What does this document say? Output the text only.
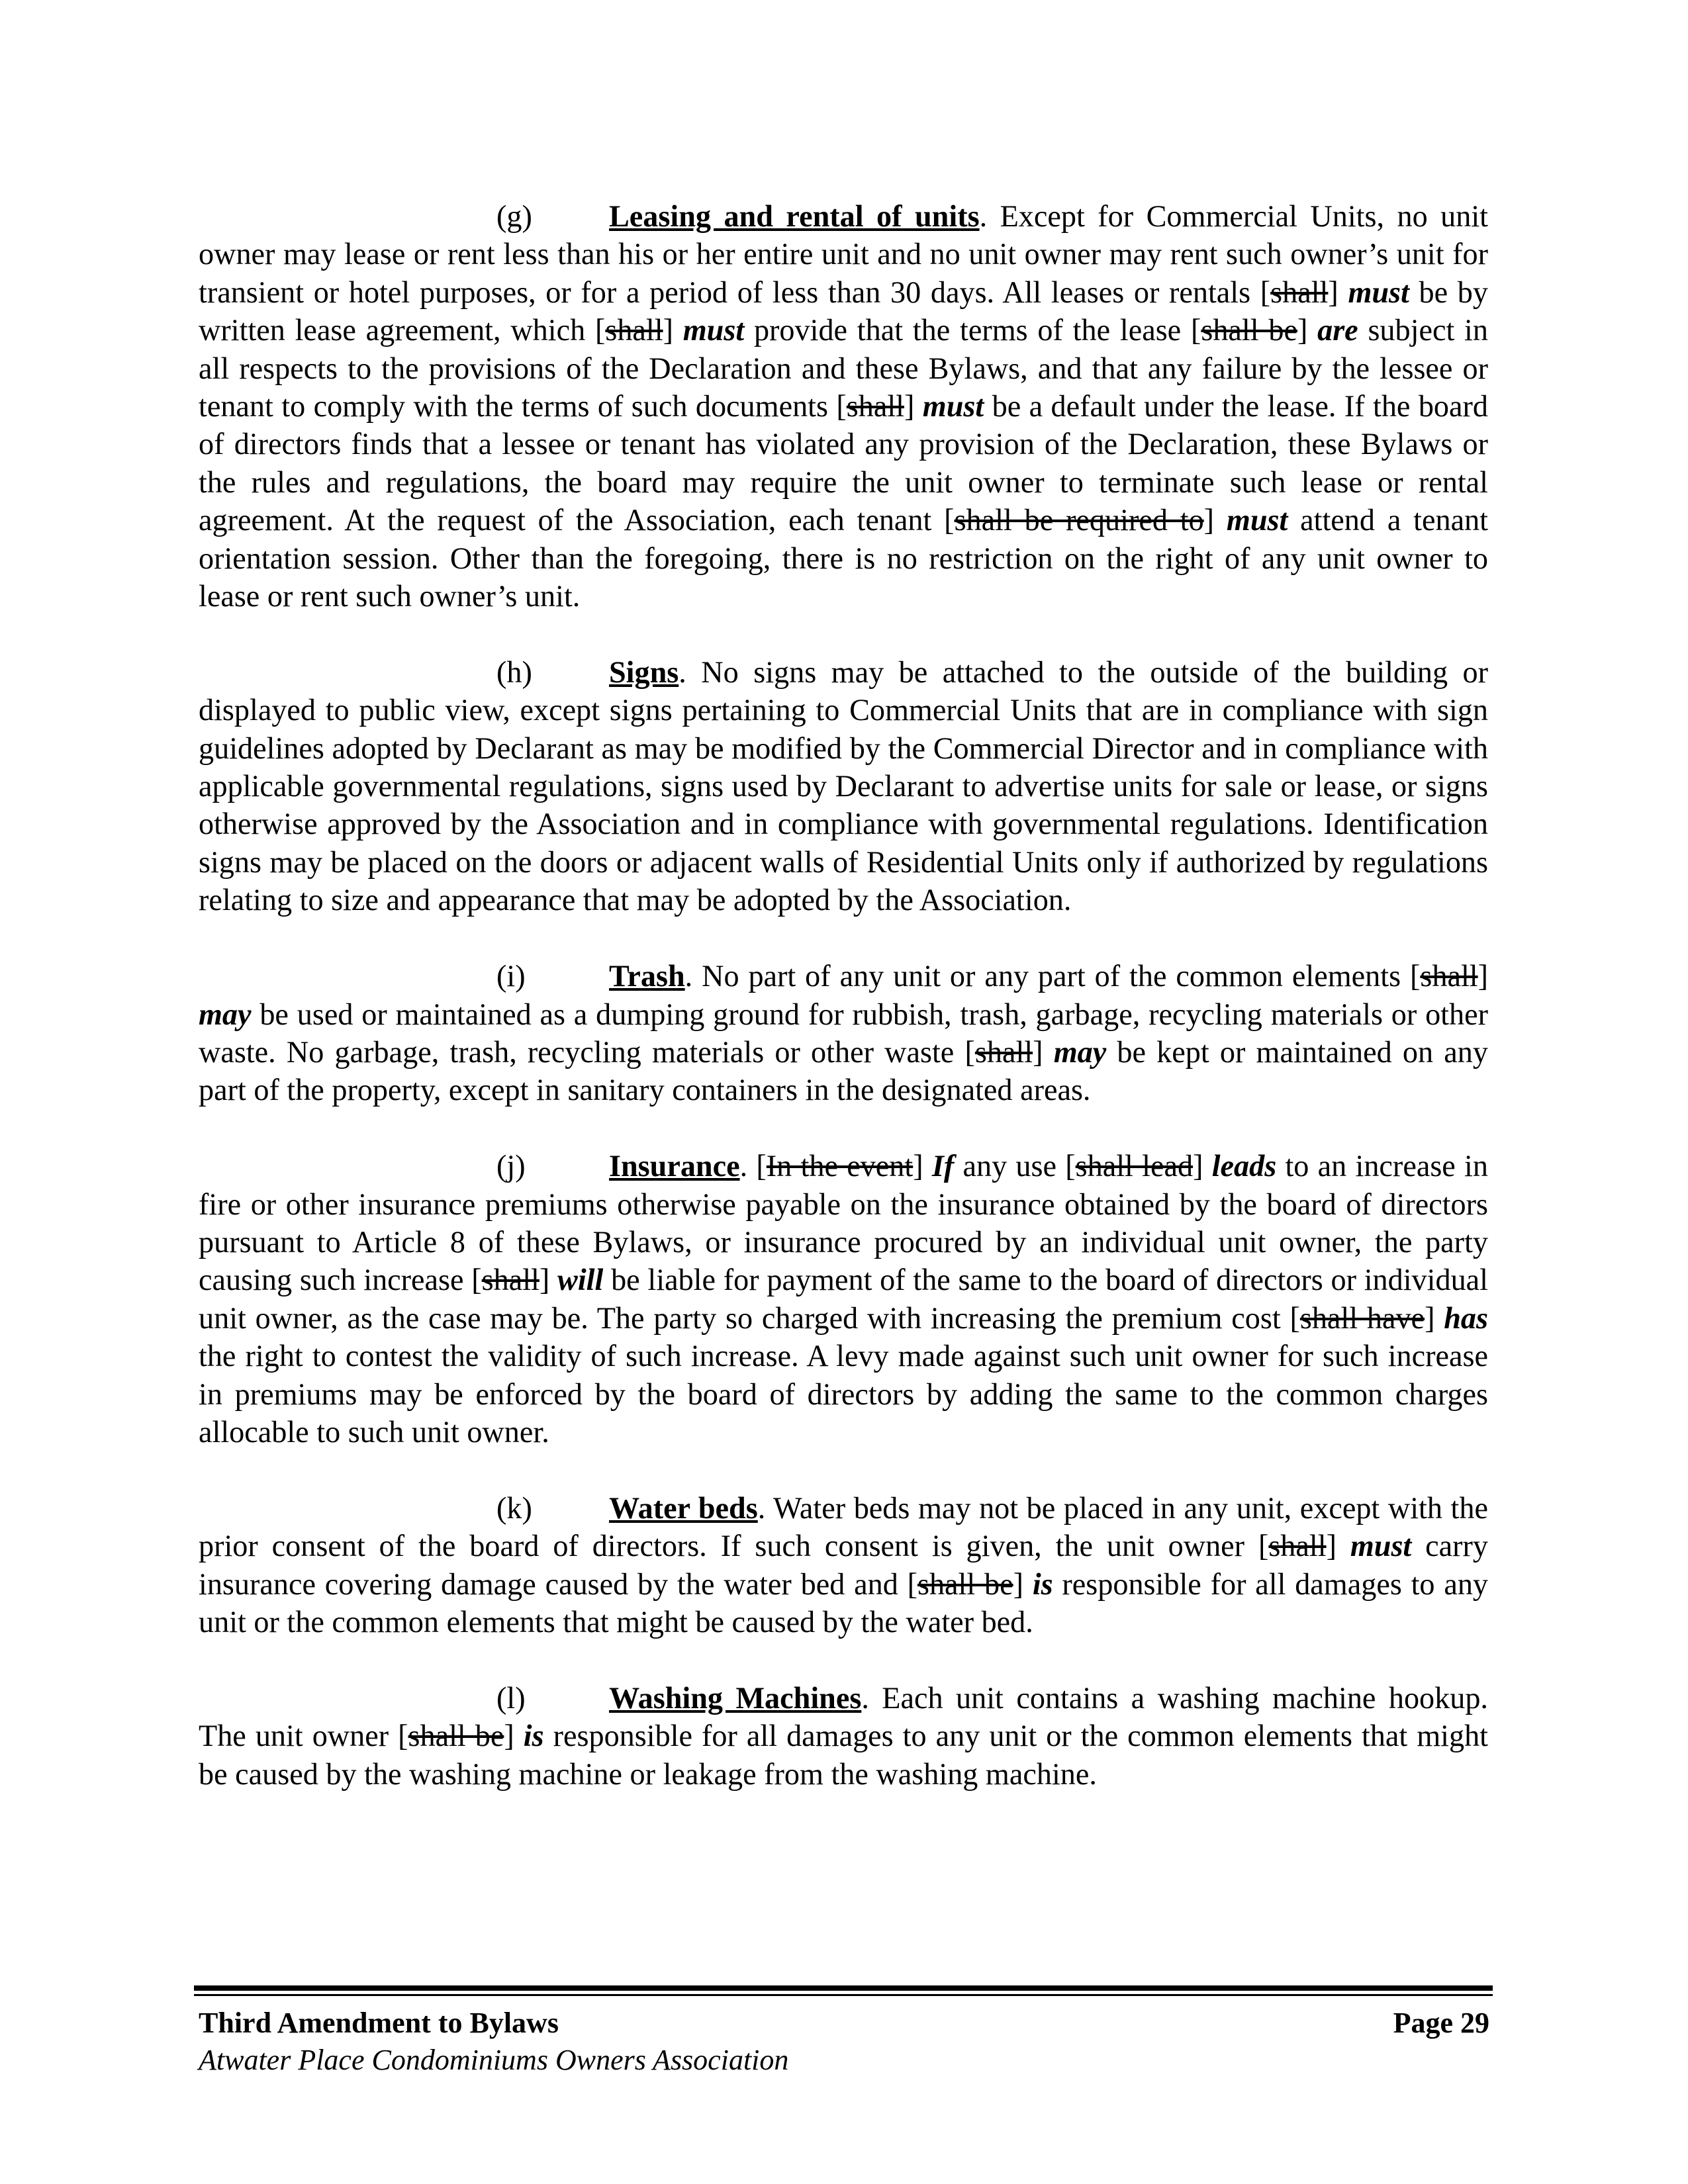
(g)	Leasing and rental of units. Except for Commercial Units, no unit owner may lease or rent less than his or her entire unit and no unit owner may rent such owner’s unit for transient or hotel purposes, or for a period of less than 30 days. All leases or rentals [shall] must be by written lease agreement, which [shall] must provide that the terms of the lease [shall be] are subject in all respects to the provisions of the Declaration and these Bylaws, and that any failure by the lessee or tenant to comply with the terms of such documents [shall] must be a default under the lease. If the board of directors finds that a lessee or tenant has violated any provision of the Declaration, these Bylaws or the rules and regulations, the board may require the unit owner to terminate such lease or rental agreement. At the request of the Association, each tenant [shall be required to] must attend a tenant orientation session. Other than the foregoing, there is no restriction on the right of any unit owner to lease or rent such owner’s unit.

(h)	Signs. No signs may be attached to the outside of the building or displayed to public view, except signs pertaining to Commercial Units that are in compliance with sign guidelines adopted by Declarant as may be modified by the Commercial Director and in compliance with applicable governmental regulations, signs used by Declarant to advertise units for sale or lease, or signs otherwise approved by the Association and in compliance with governmental regulations. Identification signs may be placed on the doors or adjacent walls of Residential Units only if authorized by regulations relating to size and appearance that may be adopted by the Association.

(i)	Trash. No part of any unit or any part of the common elements [shall] may be used or maintained as a dumping ground for rubbish, trash, garbage, recycling materials or other waste. No garbage, trash, recycling materials or other waste [shall] may be kept or maintained on any part of the property, except in sanitary containers in the designated areas.

(j)	Insurance. [In the event] If any use [shall lead] leads to an increase in fire or other insurance premiums otherwise payable on the insurance obtained by the board of directors pursuant to Article 8 of these Bylaws, or insurance procured by an individual unit owner, the party causing such increase [shall] will be liable for payment of the same to the board of directors or individual unit owner, as the case may be. The party so charged with increasing the premium cost [shall have] has the right to contest the validity of such increase. A levy made against such unit owner for such increase in premiums may be enforced by the board of directors by adding the same to the common charges allocable to such unit owner.

(k)	Water beds. Water beds may not be placed in any unit, except with the prior consent of the board of directors. If such consent is given, the unit owner [shall] must carry insurance covering damage caused by the water bed and [shall be] is responsible for all damages to any unit or the common elements that might be caused by the water bed.

(l)	Washing Machines. Each unit contains a washing machine hookup. The unit owner [shall be] is responsible for all damages to any unit or the common elements that might be caused by the washing machine or leakage from the washing machine.

Third Amendment to Bylaws	Page 29
Atwater Place Condominiums Owners Association
